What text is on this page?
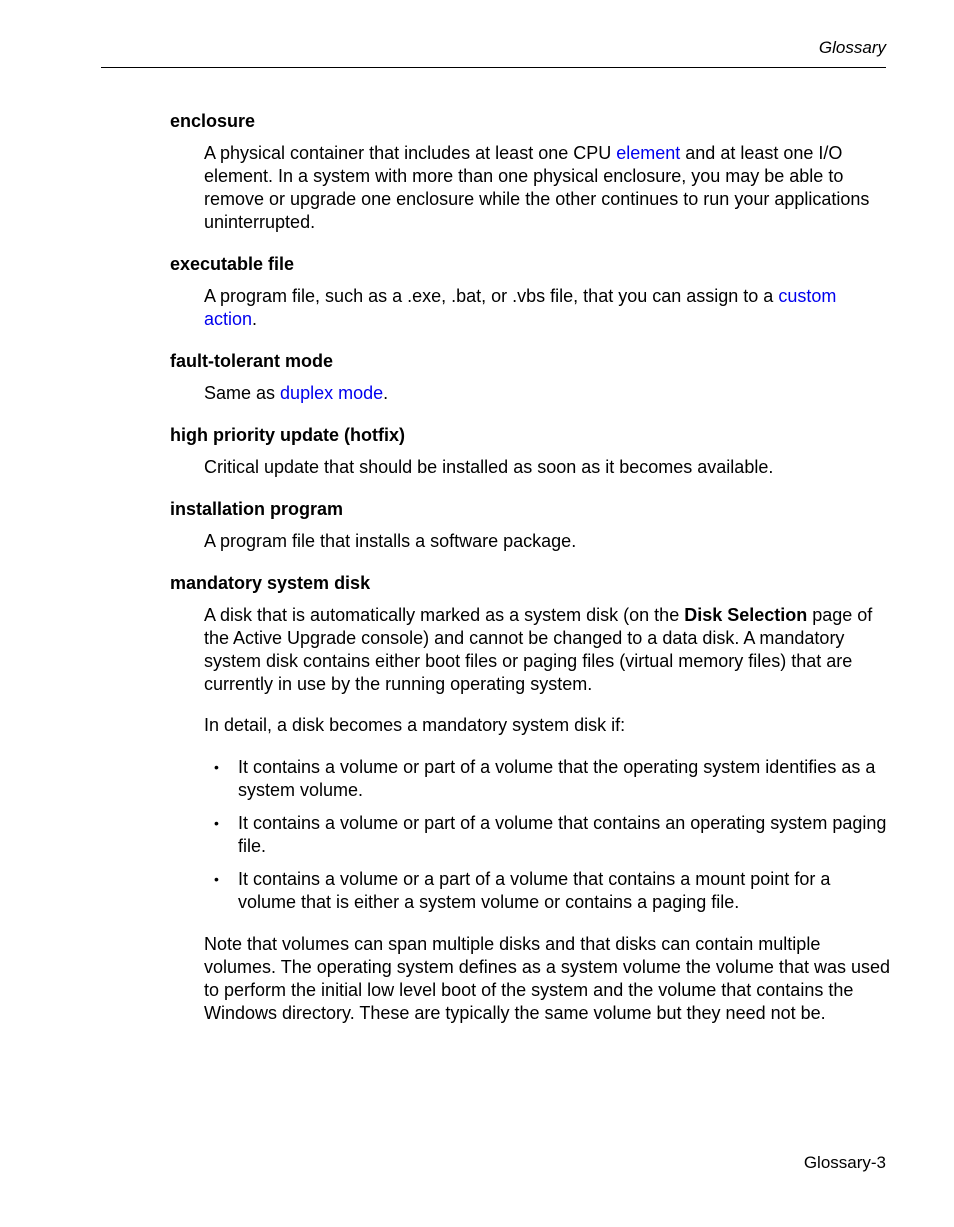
Glossary
enclosure

A physical container that includes at least one CPU element and at least one I/O element. In a system with more than one physical enclosure, you may be able to remove or upgrade one enclosure while the other continues to run your applications uninterrupted.

executable file

A program file, such as a .exe, .bat, or .vbs file, that you can assign to a custom action.

fault-tolerant mode

Same as duplex mode.

high priority update (hotfix)

Critical update that should be installed as soon as it becomes available.

installation program

A program file that installs a software package.

mandatory system disk

A disk that is automatically marked as a system disk (on the Disk Selection page of the Active Upgrade console) and cannot be changed to a data disk. A mandatory system disk contains either boot files or paging files (virtual memory files) that are currently in use by the running operating system.

In detail, a disk becomes a mandatory system disk if:

• It contains a volume or part of a volume that the operating system identifies as a system volume.
• It contains a volume or part of a volume that contains an operating system paging file.
• It contains a volume or a part of a volume that contains a mount point for a volume that is either a system volume or contains a paging file.

Note that volumes can span multiple disks and that disks can contain multiple volumes. The operating system defines as a system volume the volume that was used to perform the initial low level boot of the system and the volume that contains the Windows directory. These are typically the same volume but they need not be.

Glossary-3
